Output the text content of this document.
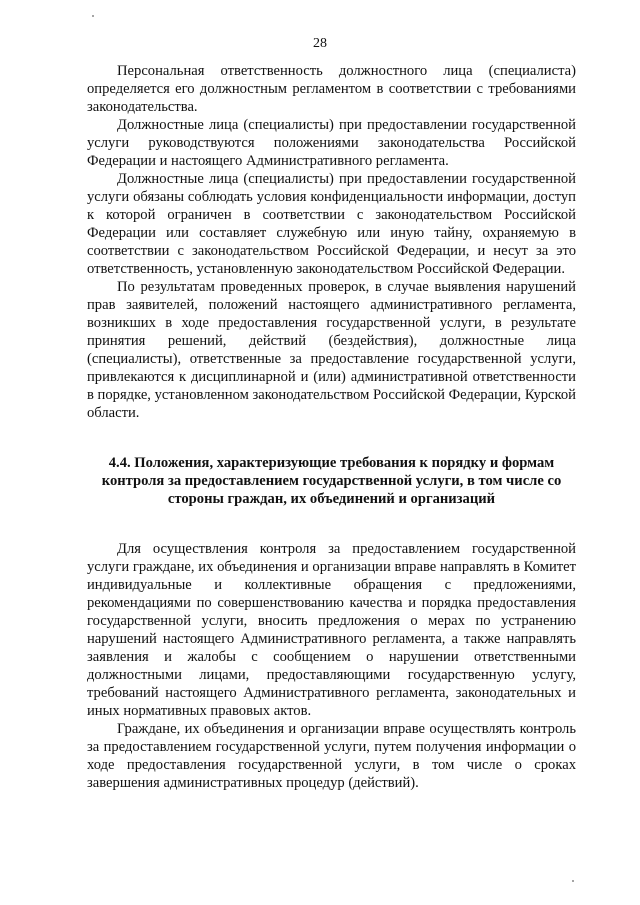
28

Персональная ответственность должностного лица (специалиста) определяется его должностным регламентом в соответствии с требованиями законодательства.

Должностные лица (специалисты) при предоставлении государственной услуги руководствуются положениями законодательства Российской Федерации и настоящего Административного регламента.

Должностные лица (специалисты) при предоставлении государственной услуги обязаны соблюдать условия конфиденциальности информации, доступ к которой ограничен в соответствии с законодательством Российской Федерации или составляет служебную или иную тайну, охраняемую в соответствии с законодательством Российской Федерации, и несут за это ответственность, установленную законодательством Российской Федерации.

По результатам проведенных проверок, в случае выявления нарушений прав заявителей, положений настоящего административного регламента, возникших в ходе предоставления государственной услуги, в результате принятия решений, действий (бездействия), должностные лица (специалисты), ответственные за предоставление государственной услуги, привлекаются к дисциплинарной и (или) административной ответственности в порядке, установленном законодательством Российской Федерации, Курской области.

4.4. Положения, характеризующие требования к порядку и формам контроля за предоставлением государственной услуги, в том числе со стороны граждан, их объединений и организаций

Для осуществления контроля за предоставлением государственной услуги граждане, их объединения и организации вправе направлять в Комитет индивидуальные и коллективные обращения с предложениями, рекомендациями по совершенствованию качества и порядка предоставления государственной услуги, вносить предложения о мерах по устранению нарушений настоящего Административного регламента, а также направлять заявления и жалобы с сообщением о нарушении ответственными должностными лицами, предоставляющими государственную услугу, требований настоящего Административного регламента, законодательных и иных нормативных правовых актов.

Граждане, их объединения и организации вправе осуществлять контроль за предоставлением государственной услуги, путем получения информации о ходе предоставления государственной услуги, в том числе о сроках завершения административных процедур (действий).
